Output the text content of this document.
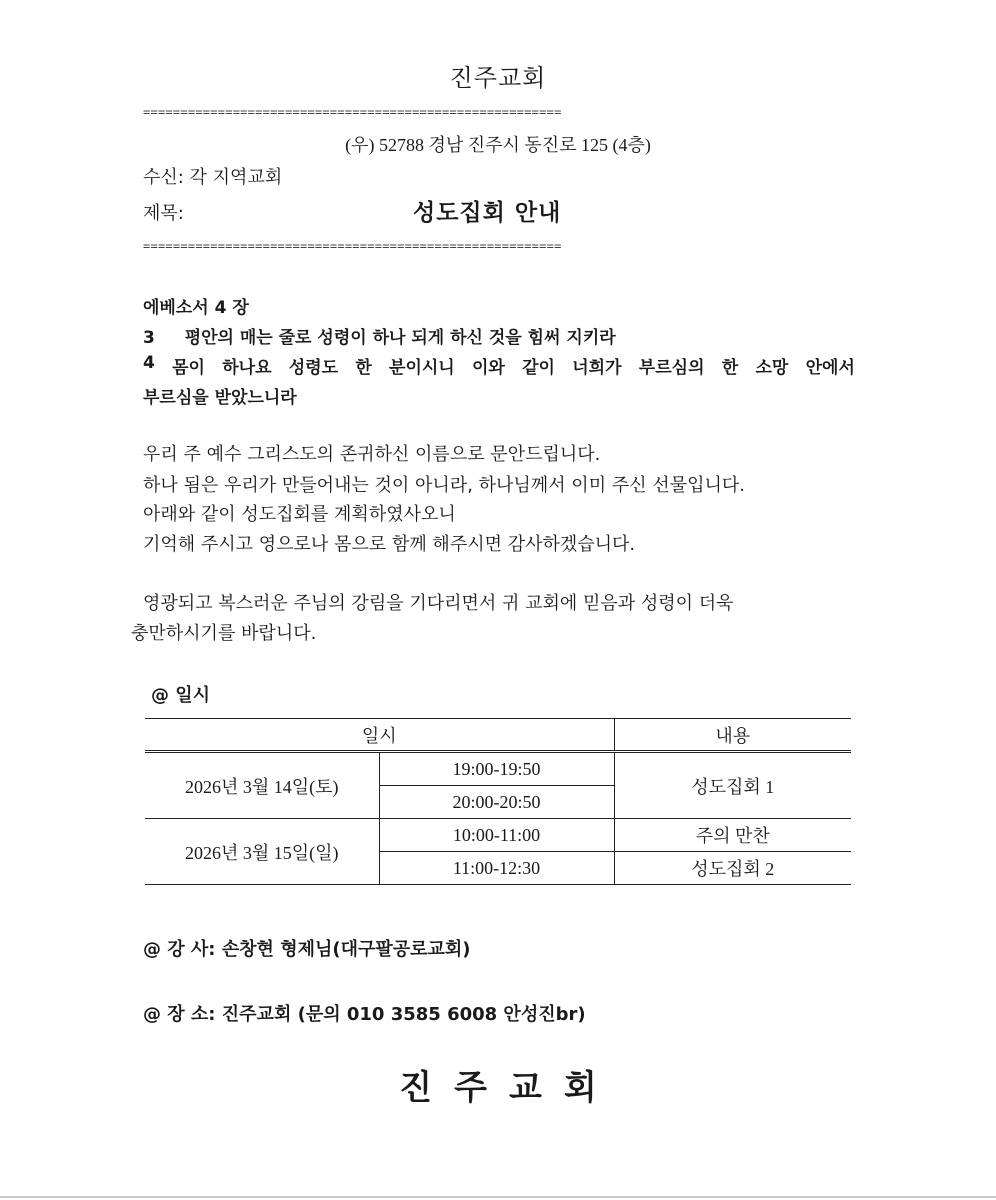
진주교회
========================================================
(우) 52788 경남 진주시 동진로 125 (4층)
수신: 각 지역교회
제목:	성도집회 안내
========================================================
에베소서 4 장
3 평안의 매는 줄로 성령이 하나 되게 하신 것을 힘써 지키라
4 몸이 하나요 성령도 한 분이시니 이와 같이 너희가 부르심의 한 소망 안에서
부르심을 받았느니라
우리 주 예수 그리스도의 존귀하신 이름으로 문안드립니다.
하나 됨은 우리가 만들어내는 것이 아니라, 하나님께서 이미 주신 선물입니다.
아래와 같이 성도집회를 계획하였사오니
기억해 주시고 영으로나 몸으로 함께 해주시면 감사하겠습니다.
영광되고 복스러운 주님의 강림을 기다리면서 귀 교회에 믿음과 성령이 더욱
충만하시기를 바랍니다.
@ 일시
일시		내용
2026년 3월 14일(토)	19:00-19:50	성도집회 1
	20:00-20:50	
2026년 3월 15일(일)	10:00-11:00	주의 만찬
	11:00-12:30	성도집회 2
@ 강 사: 손창현 형제님(대구팔공로교회)
@ 장 소: 진주교회 (문의 010 3585 6008 안성진br)
진주교회
